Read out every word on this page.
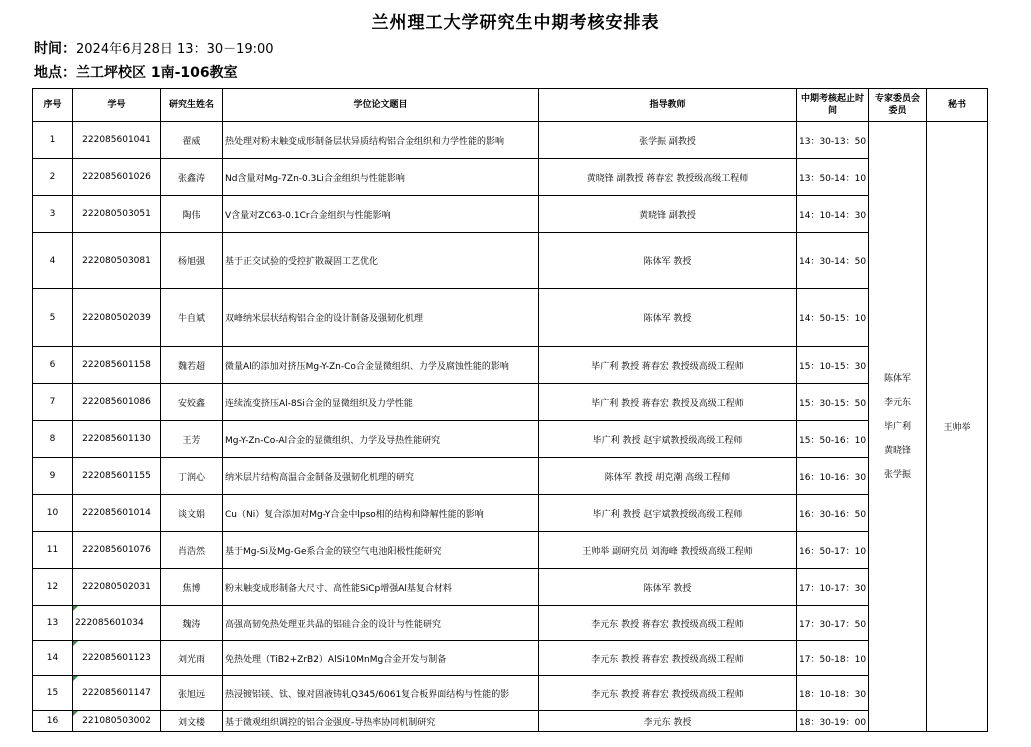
兰州理工大学研究生中期考核安排表
时间：2024年6月28日 13：30－19:00
地点：兰工坪校区 1南-106教室
序号	学号	研究生姓名	学位论文题目	指导教师	中期考核起止时间	专家委员会委员	秘书
1	222085601041	翟威	热处理对粉末触变成形制备层状异质结构铝合金组织和力学性能的影响	张学振 副教授	13：30-13：50	陈体军
李元东
毕广利
黄晓锋
张学振	王帅举
2	222085601026	张鑫涛	Nd含量对Mg-7Zn-0.3Li合金组织与性能影响	黄晓锋 副教授 蒋春宏 教授级高级工程师	13：50-14：10		
3	222080503051	陶伟	V含量对ZC63-0.1Cr合金组织与性能影响	黄晓锋 副教授	14：10-14：30		
4	222080503081	杨旭强	基于正交试验的受控扩散凝固工艺优化	陈体军 教授	14：30-14：50		
5	222080502039	牛自斌	双峰纳米层状结构铝合金的设计制备及强韧化机理	陈体军 教授	14：50-15：10		
6	222085601158	魏若超	微量Al的添加对挤压Mg-Y-Zn-Co合金显微组织、力学及腐蚀性能的影响	毕广利 教授 蒋春宏 教授级高级工程师	15：10-15：30		
7	222085601086	安姣鑫	连续流变挤压Al-8Si合金的显微组织及力学性能	毕广利 教授 蒋春宏 教授及高级工程师	15：30-15：50		
8	222085601130	王芳	Mg-Y-Zn-Co-Al合金的显微组织、力学及导热性能研究	毕广利 教授 赵宇斌教授级高级工程师	15：50-16：10		
9	222085601155	丁润心	纳米层片结构高温合金制备及强韧化机理的研究	陈体军 教授 胡克潮 高级工程师	16：10-16：30		
10	222085601014	谈文娟	Cu（Ni）复合添加对Mg-Y合金中lpso相的结构和降解性能的影响	毕广利 教授 赵宇斌教授级高级工程师	16：30-16：50		
11	222085601076	肖浩然	基于Mg-Si及Mg-Ge系合金的镁空气电池阳极性能研究	王帅举 副研究员 刘海峰 教授级高级工程师	16：50-17：10		
12	222080502031	焦博	粉末触变成形制备大尺寸、高性能SiCp增强Al基复合材料	陈体军 教授	17：10-17：30		
13	222085601034	魏涛	高强高韧免热处理亚共晶的铝硅合金的设计与性能研究	李元东 教授 蒋春宏 教授级高级工程师	17：30-17：50		
14	222085601123	刘光雨	免热处理（TiB2+ZrB2）AlSi10MnMg合金开发与制备	李元东 教授 蒋春宏 教授级高级工程师	17：50-18：10		
15	222085601147	张旭远	热浸镀铝镁、钛、镍对固液铸轧Q345/6061复合板界面结构与性能的影	李元东 教授 蒋春宏 教授级高级工程师	18：10-18：30		
16	221080503002	刘文楼	基于微观组织调控的铝合金强度-导热率协同机制研究	李元东 教授	18：30-19：00		
